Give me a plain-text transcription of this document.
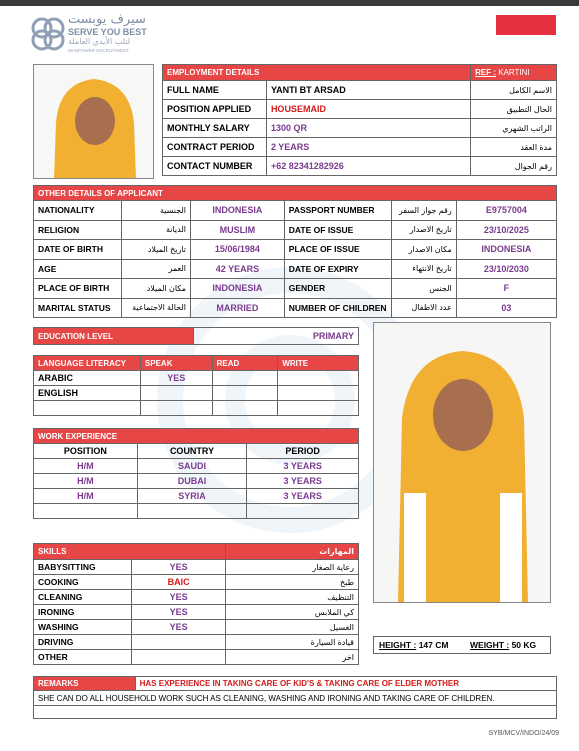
سيرف يوبست
SERVE YOU BEST
لتلب الأيدي العاملة
MANPOWER RECRUITMENT
EMPLOYMENT DETAILS		REF : KARTINI
FULL NAME	YANTI BT ARSAD	الاسم الكامل
POSITION APPLIED	HOUSEMAID	الحال التطبيق
MONTHLY SALARY	1300 QR	الراتب الشهري
CONTRACT PERIOD	2 YEARS	مدة العقد
CONTACT NUMBER	+62 82341282926	رقم الجوال
OTHER DETAILS OF APPLICANT					
NATIONALITY	الجنسية	INDONESIA	PASSPORT NUMBER	رقم جواز السفر	E9757004
RELIGION	الديانة	MUSLIM	DATE OF ISSUE	تاريخ الاصدار	23/10/2025
DATE OF BIRTH	تاريخ الميلاد	15/06/1984	PLACE OF ISSUE	مكان الاصدار	INDONESIA
AGE	العمر	42 YEARS	DATE OF EXPIRY	تاريخ الانتهاء	23/10/2030
PLACE OF BIRTH	مكان الميلاد	INDONESIA	GENDER	الجنس	F
MARITAL STATUS	الحالة الاجتماعية	MARRIED	NUMBER OF CHILDREN	عدد الاطفال	03
EDUCATION LEVEL	PRIMARY
LANGUAGE LITERACY	SPEAK	READ	WRITE
ARABIC	YES		
ENGLISH			

WORK EXPERIENCE		
POSITION	COUNTRY	PERIOD
H/M	SAUDI	3 YEARS
H/M	DUBAI	3 YEARS
H/M	SYRIA	3 YEARS

SKILLS		المهارات
BABYSITTING	YES	رعاية الصغار
COOKING	BAIC	طبخ
CLEANING	YES	التنظيف
IRONING	YES	كي الملابس
WASHING	YES	الغسيل
DRIVING		قيادة السيارة
OTHER		اخر
HEIGHT : 147 CM	WEIGHT : 50 KG
REMARKS	HAS EXPERIENCE IN TAKING CARE OF KID'S & TAKING CARE OF ELDER MOTHER
SHE CAN DO ALL HOUSEHOLD WORK SUCH AS CLEANING, WASHING AND IRONING AND TAKING CARE OF CHILDREN.

SYB/MCV/INDO/24/09
